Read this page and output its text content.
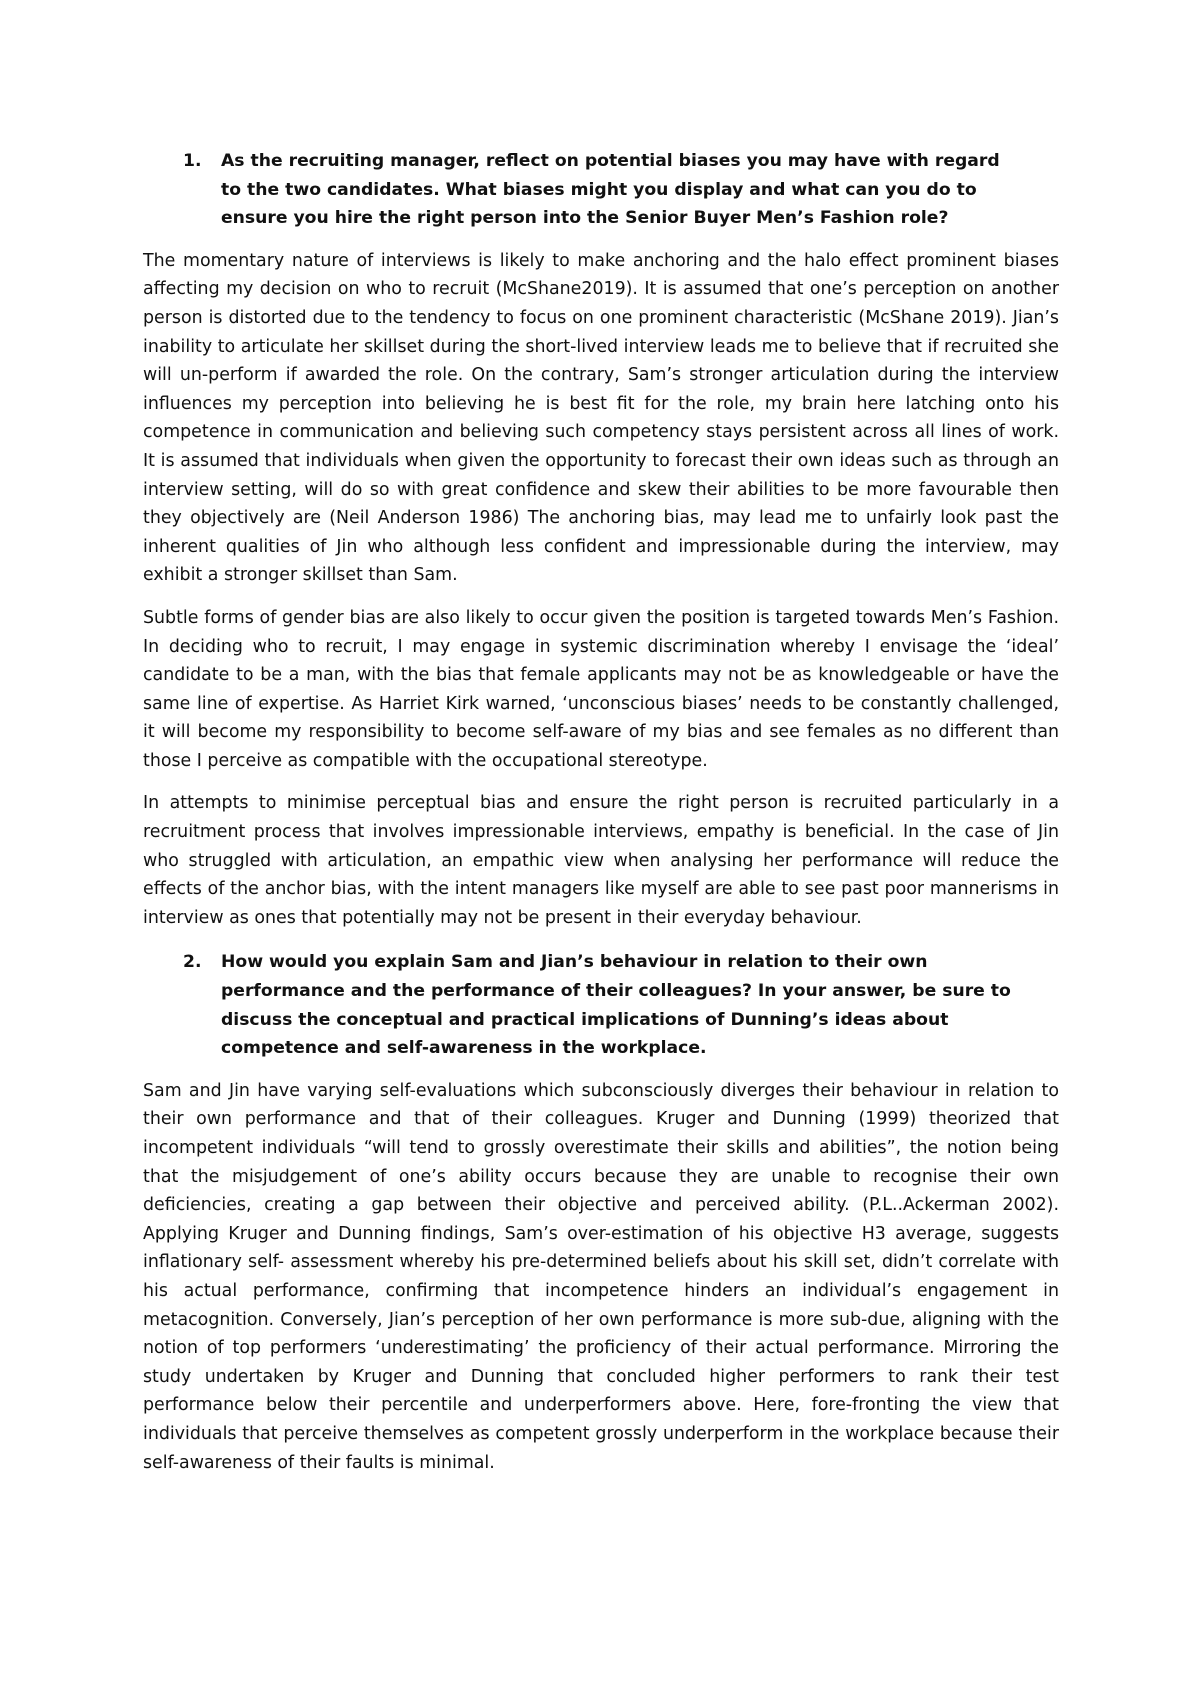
1.	As the recruiting manager, reflect on potential biases you may have with regard to the two candidates. What biases might you display and what can you do to ensure you hire the right person into the Senior Buyer Men’s Fashion role?

The momentary nature of interviews is likely to make anchoring and the halo effect prominent biases affecting my decision on who to recruit (McShane2019). It is assumed that one’s perception on another person is distorted due to the tendency to focus on one prominent characteristic (McShane 2019). Jian’s inability to articulate her skillset during the short-lived interview leads me to believe that if recruited she will un-perform if awarded the role. On the contrary, Sam’s stronger articulation during the interview influences my perception into believing he is best fit for the role, my brain here latching onto his competence in communication and believing such competency stays persistent across all lines of work. It is assumed that individuals when given the opportunity to forecast their own ideas such as through an interview setting, will do so with great confidence and skew their abilities to be more favourable then they objectively are (Neil Anderson 1986) The anchoring bias, may lead me to unfairly look past the inherent qualities of Jin who although less confident and impressionable during the interview, may exhibit a stronger skillset than Sam.

Subtle forms of gender bias are also likely to occur given the position is targeted towards Men’s Fashion. In deciding who to recruit, I may engage in systemic discrimination whereby I envisage the ‘ideal’ candidate to be a man, with the bias that female applicants may not be as knowledgeable or have the same line of expertise. As Harriet Kirk warned, ‘unconscious biases’ needs to be constantly challenged, it will become my responsibility to become self-aware of my bias and see females as no different than those I perceive as compatible with the occupational stereotype.

In attempts to minimise perceptual bias and ensure the right person is recruited particularly in a recruitment process that involves impressionable interviews, empathy is beneficial. In the case of Jin who struggled with articulation, an empathic view when analysing her performance will reduce the effects of the anchor bias, with the intent managers like myself are able to see past poor mannerisms in interview as ones that potentially may not be present in their everyday behaviour.

2.	How would you explain Sam and Jian’s behaviour in relation to their own performance and the performance of their colleagues? In your answer, be sure to discuss the conceptual and practical implications of Dunning’s ideas about competence and self-awareness in the workplace.

Sam and Jin have varying self-evaluations which subconsciously diverges their behaviour in relation to their own performance and that of their colleagues. Kruger and Dunning (1999) theorized that incompetent individuals “will tend to grossly overestimate their skills and abilities”, the notion being that the misjudgement of one’s ability occurs because they are unable to recognise their own deficiencies, creating a gap between their objective and perceived ability. (P.L..Ackerman 2002). Applying Kruger and Dunning findings, Sam’s over-estimation of his objective H3 average, suggests inflationary self- assessment whereby his pre-determined beliefs about his skill set, didn’t correlate with his actual performance, confirming that incompetence hinders an individual’s engagement in metacognition. Conversely, Jian’s perception of her own performance is more sub-due, aligning with the notion of top performers ‘underestimating’ the proficiency of their actual performance. Mirroring the study undertaken by Kruger and Dunning that concluded higher performers to rank their test performance below their percentile and underperformers above. Here, fore-fronting the view that individuals that perceive themselves as competent grossly underperform in the workplace because their self-awareness of their faults is minimal.
